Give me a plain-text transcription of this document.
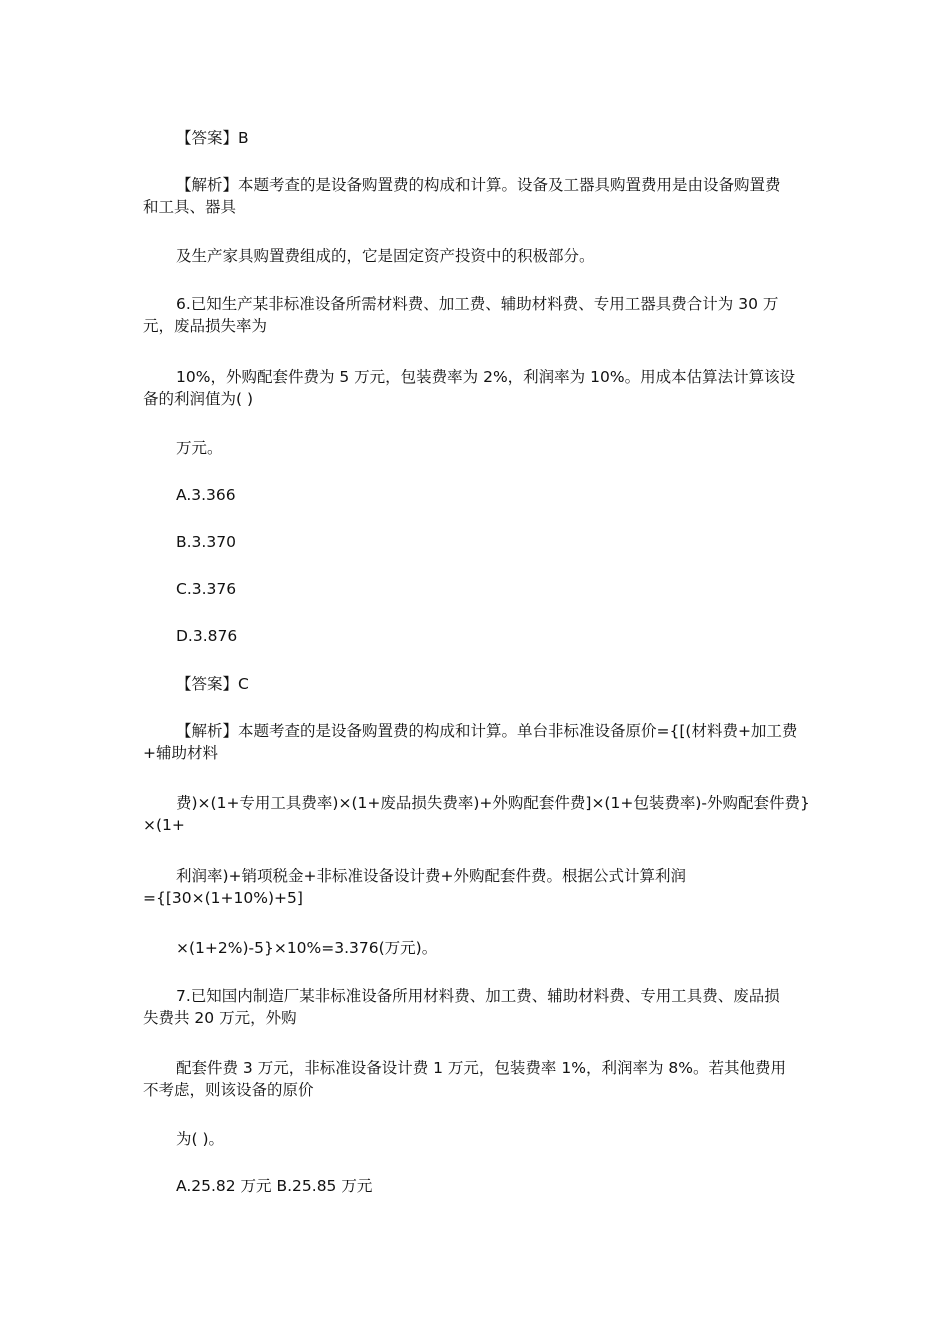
【答案】B
【解析】本题考查的是设备购置费的构成和计算。设备及工器具购置费用是由设备购置费
和工具、器具
及生产家具购置费组成的，它是固定资产投资中的积极部分。
6.已知生产某非标准设备所需材料费、加工费、辅助材料费、专用工器具费合计为 30 万
元，废品损失率为
10%，外购配套件费为 5 万元，包装费率为 2%，利润率为 10%。用成本估算法计算该设
备的利润值为( )
万元。
A.3.366
B.3.370
C.3.376
D.3.876
【答案】C
【解析】本题考查的是设备购置费的构成和计算。单台非标准设备原价={[(材料费+加工费
+辅助材料
费)×(1+专用工具费率)×(1+废品损失费率)+外购配套件费]×(1+包装费率)-外购配套件费}
×(1+
利润率)+销项税金+非标准设备设计费+外购配套件费。根据公式计算利润
={[30×(1+10%)+5]
×(1+2%)-5}×10%=3.376(万元)。
7.已知国内制造厂某非标准设备所用材料费、加工费、辅助材料费、专用工具费、废品损
失费共 20 万元，外购
配套件费 3 万元，非标准设备设计费 1 万元，包装费率 1%，利润率为 8%。若其他费用
不考虑，则该设备的原价
为( )。
A.25.82 万元 B.25.85 万元
